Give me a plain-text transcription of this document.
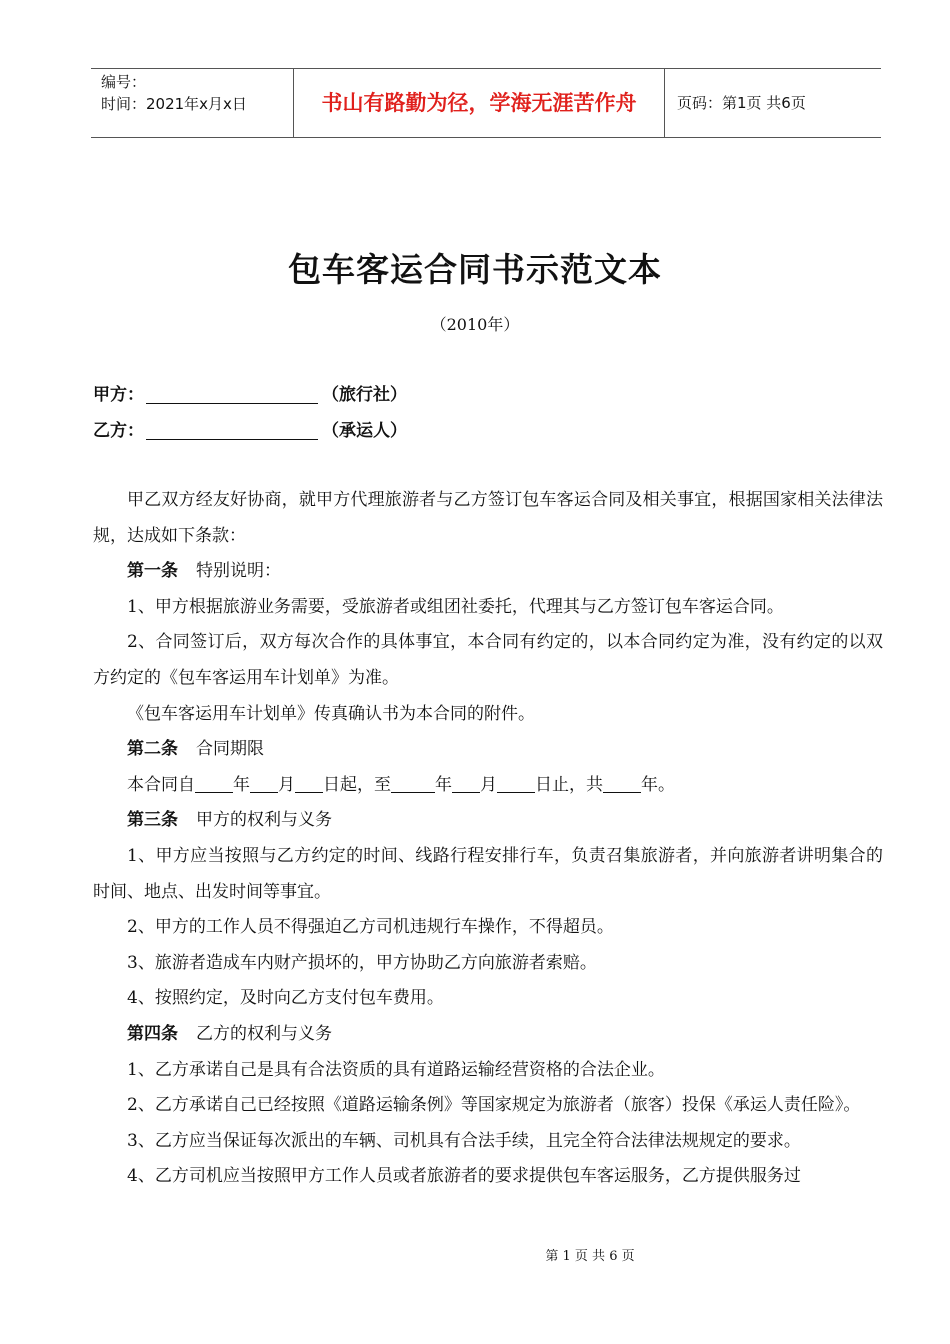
编号：
时间：2021年x月x日	书山有路勤为径，学海无涯苦作舟	页码：第1页 共6页
包车客运合同书示范文本
（2010年）
甲方：	（旅行社）
乙方：	（承运人）

甲乙双方经友好协商，就甲方代理旅游者与乙方签订包车客运合同及相关事宜，根据国家相关法律法规，达成如下条款：

第一条 特别说明：

1、甲方根据旅游业务需要，受旅游者或组团社委托，代理其与乙方签订包车客运合同。

2、合同签订后，双方每次合作的具体事宜，本合同有约定的，以本合同约定为准，没有约定的以双方约定的《包车客运用车计划单》为准。

《包车客运用车计划单》传真确认书为本合同的附件。

第二条 合同期限

本合同自 年 月 日起，至	年 月 日止，共 年。

第三条 甲方的权利与义务

1、甲方应当按照与乙方约定的时间、线路行程安排行车，负责召集旅游者，并向旅游者讲明集合的时间、地点、出发时间等事宜。

2、甲方的工作人员不得强迫乙方司机违规行车操作，不得超员。

3、旅游者造成车内财产损坏的，甲方协助乙方向旅游者索赔。

4、按照约定，及时向乙方支付包车费用。

第四条 乙方的权利与义务

1、乙方承诺自己是具有合法资质的具有道路运输经营资格的合法企业。

2、乙方承诺自己已经按照《道路运输条例》等国家规定为旅游者（旅客）投保《承运人责任险》。

3、乙方应当保证每次派出的车辆、司机具有合法手续，且完全符合法律法规规定的要求。

4、乙方司机应当按照甲方工作人员或者旅游者的要求提供包车客运服务，乙方提供服务过

第 1 页 共 6 页
